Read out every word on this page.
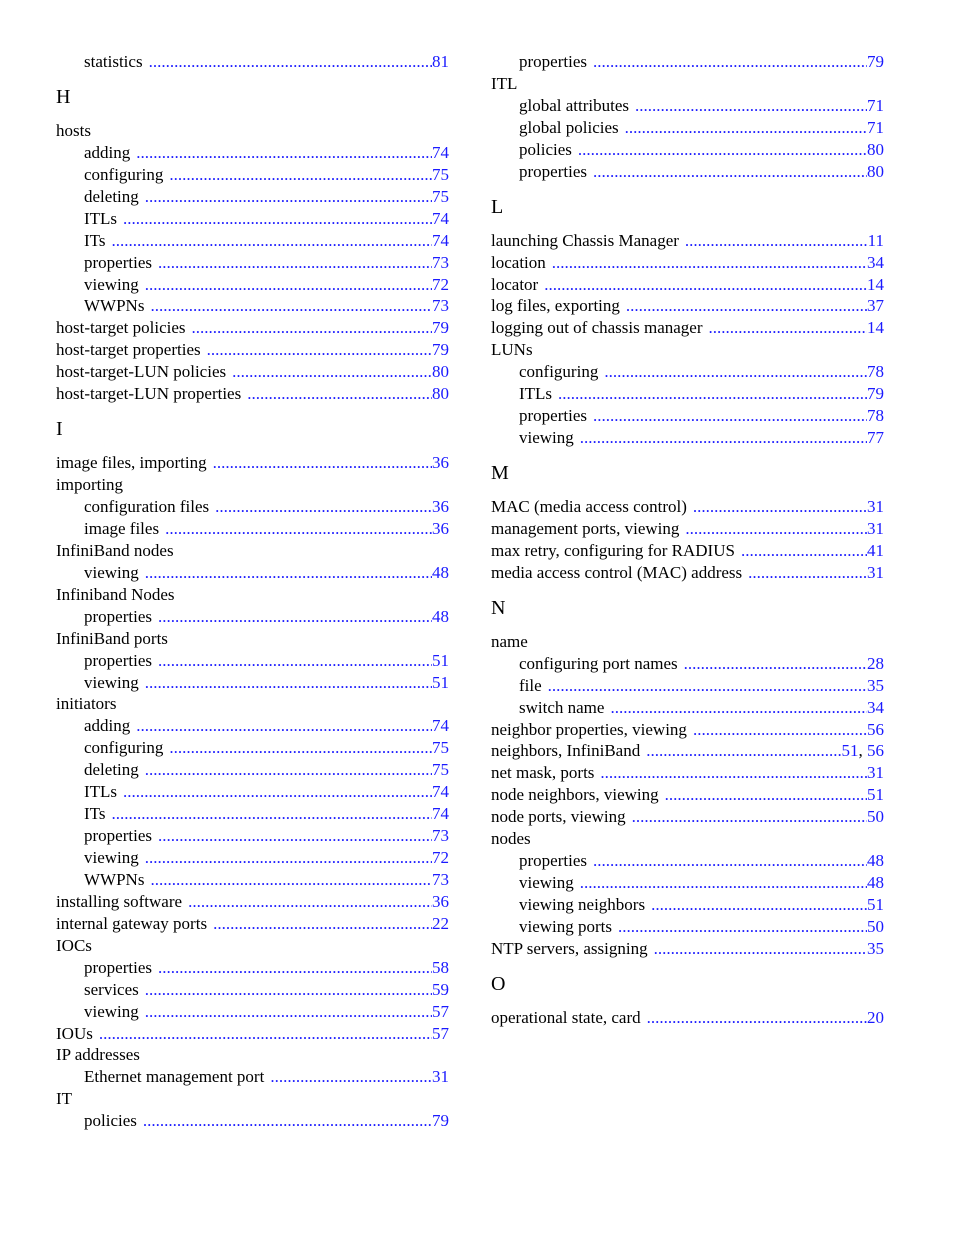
statistics .....	81
H
hosts
adding .....	74
configuring .....	75
deleting .....	75
ITLs .....	74
ITs .....	74
properties .....	73
viewing .....	72
WWPNs .....	73
host-target policies .....	79
host-target properties .....	79
host-target-LUN policies .....	80
host-target-LUN properties .....	80
I
image files, importing .....	36
importing
configuration files .....	36
image files .....	36
InfiniBand nodes
viewing .....	48
Infiniband Nodes
properties .....	48
InfiniBand ports
properties .....	51
viewing .....	51
initiators
adding .....	74
configuring .....	75
deleting .....	75
ITLs .....	74
ITs .....	74
properties .....	73
viewing .....	72
WWPNs .....	73
installing software .....	36
internal gateway ports .....	22
IOCs
properties .....	58
services .....	59
viewing .....	57
IOUs .....	57
IP addresses
Ethernet management port .....	31
IT
policies .....	79
properties .....	79
ITL
global attributes .....	71
global policies .....	71
policies .....	80
properties .....	80
L
launching Chassis Manager .....	11
location .....	34
locator .....	14
log files, exporting .....	37
logging out of chassis manager .....	14
LUNs
configuring .....	78
ITLs .....	79
properties .....	78
viewing .....	77
M
MAC (media access control) .....	31
management ports, viewing .....	31
max retry, configuring for RADIUS .....	41
media access control (MAC) address .....	31
N
name
configuring port names .....	28
file .....	35
switch name .....	34
neighbor properties, viewing .....	56
neighbors, InfiniBand .....	51, 56
net mask, ports .....	31
node neighbors, viewing .....	51
node ports, viewing .....	50
nodes
properties .....	48
viewing .....	48
viewing neighbors .....	51
viewing ports .....	50
NTP servers, assigning .....	35
O
operational state, card .....	20
